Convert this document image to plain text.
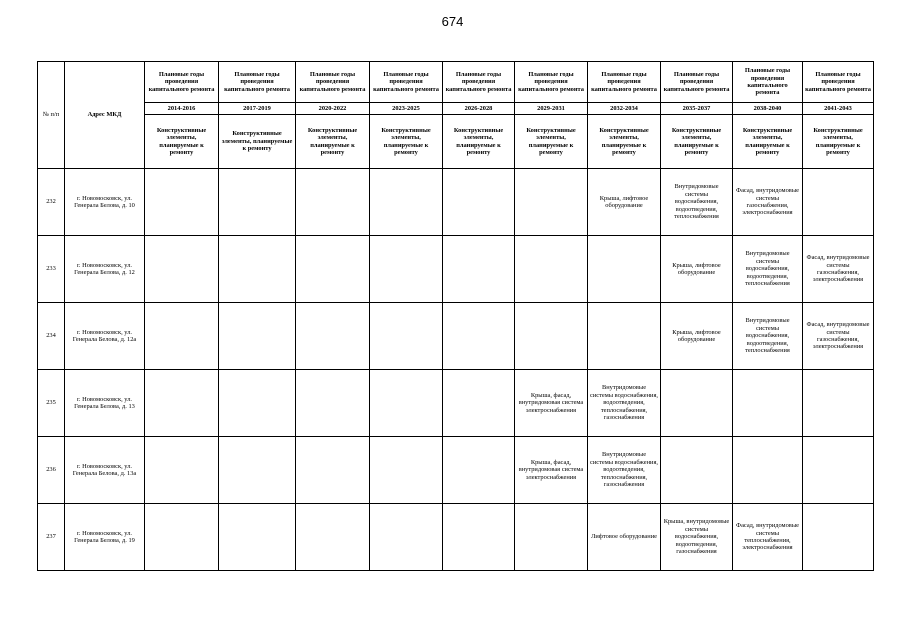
674
№ п/п	Адрес МКД	Плановые годы проведения капитального ремонта	Плановые годы проведения капитального ремонта	Плановые годы проведения капитального ремонта	Плановые годы проведения капитального ремонта	Плановые годы проведения капитального ремонта	Плановые годы проведения капитального ремонта	Плановые годы проведения капитального ремонта	Плановые годы проведения капитального ремонта	Плановые годы проведения капитального ремонта	Плановые годы проведения капитального ремонта
		2014-2016	2017-2019	2020-2022	2023-2025	2026-2028	2029-2031	2032-2034	2035-2037	2038-2040	2041-2043
		Конструктивные элементы, планируемые к ремонту	Конструктивные элементы, планируемые к ремонту	Конструктивные элементы, планируемые к ремонту	Конструктивные элементы, планируемые к ремонту	Конструктивные элементы, планируемые к ремонту	Конструктивные элементы, планируемые к ремонту	Конструктивные элементы, планируемые к ремонту	Конструктивные элементы, планируемые к ремонту	Конструктивные элементы, планируемые к ремонту	Конструктивные элементы, планируемые к ремонту
232	г. Новомосковск, ул. Генерала Белова, д. 10							Крыша, лифтовое оборудование	Внутридомовые системы водоснабжения, водоотведения, теплоснабжения	Фасад, внутридомовые системы газоснабжения, электроснабжения	
233	г. Новомосковск, ул. Генерала Белова, д. 12								Крыша, лифтовое оборудование	Внутридомовые системы водоснабжения, водоотведения, теплоснабжения	Фасад, внутридомовые системы газоснабжения, электроснабжения
234	г. Новомосковск, ул. Генерала Белова, д. 12а								Крыша, лифтовое оборудование	Внутридомовые системы водоснабжения, водоотведения, теплоснабжения	Фасад, внутридомовые системы газоснабжения, электроснабжения
235	г. Новомосковск, ул. Генерала Белова, д. 13						Крыша, фасад, внутридомовая система электроснабжения	Внутридомовые системы водоснабжения, водоотведения, теплоснабжения, газоснабжения			
236	г. Новомосковск, ул. Генерала Белова, д. 13а						Крыша, фасад, внутридомовая система электроснабжения	Внутридомовые системы водоснабжения, водоотведения, теплоснабжения, газоснабжения			
237	г. Новомосковск, ул. Генерала Белова, д. 19							Лифтовое оборудование	Крыша, внутридомовые системы водоснабжения, водоотведения, газоснабжения	Фасад, внутридомовые системы теплоснабжения, электроснабжения	
